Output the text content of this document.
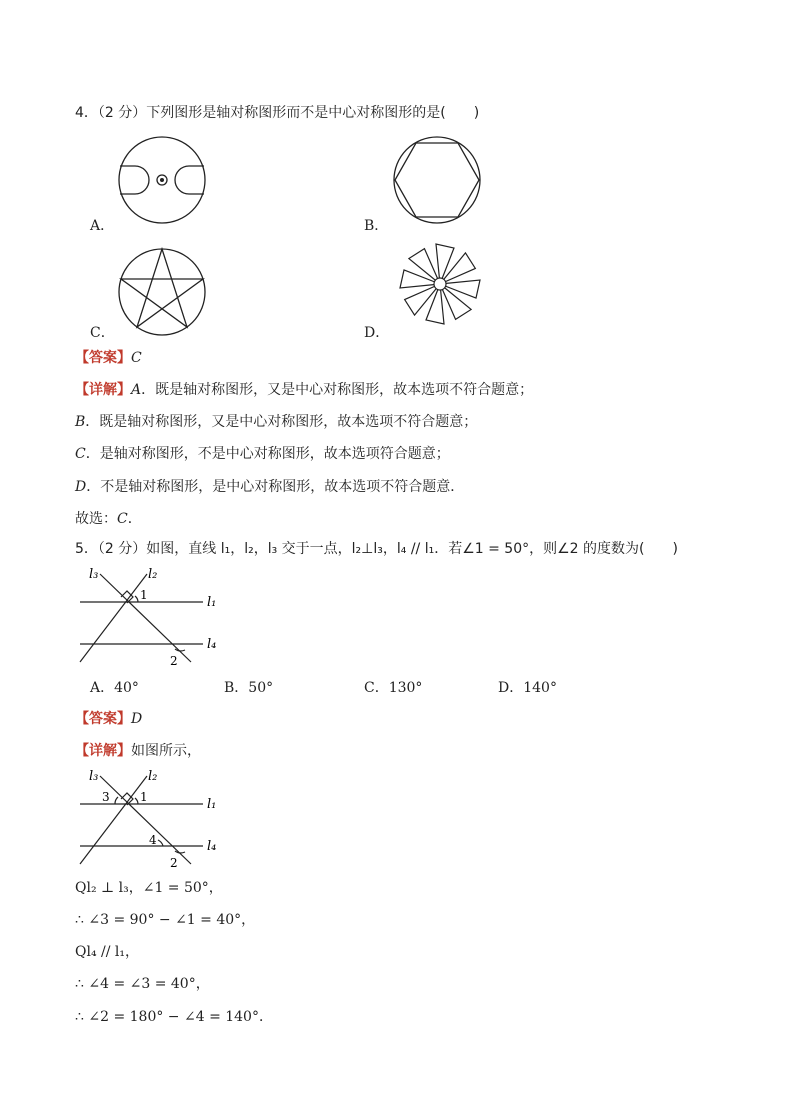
4．（2 分）下列图形是轴对称图形而不是中心对称图形的是(　　)
A．	B．
C．	D．
【答案】C
【详解】A．既是轴对称图形，又是中心对称图形，故本选项不符合题意；
B．既是轴对称图形，又是中心对称图形，故本选项不符合题意；
C．是轴对称图形，不是中心对称图形，故本选项符合题意；
D．不是轴对称图形，是中心对称图形，故本选项不符合题意．
故选：C．
5．（2 分）如图，直线 l₁，l₂，l₃ 交于一点，l₂⊥l₃，l₄ // l₁．若∠1 = 50°，则∠2 的度数为(　　)
l₃	l₂
l₁
l₄
1
2
A．40°	B．50°	C．130°	D．140°
【答案】D
【详解】如图所示，
l₃	l₂
l₁
l₄
3	1
4
2
Ql₂ ⊥ l₃，∠1 = 50°，
∴ ∠3 = 90° − ∠1 = 40°，
Ql₄ // l₁，
∴ ∠4 = ∠3 = 40°，
∴ ∠2 = 180° − ∠4 = 140°．
